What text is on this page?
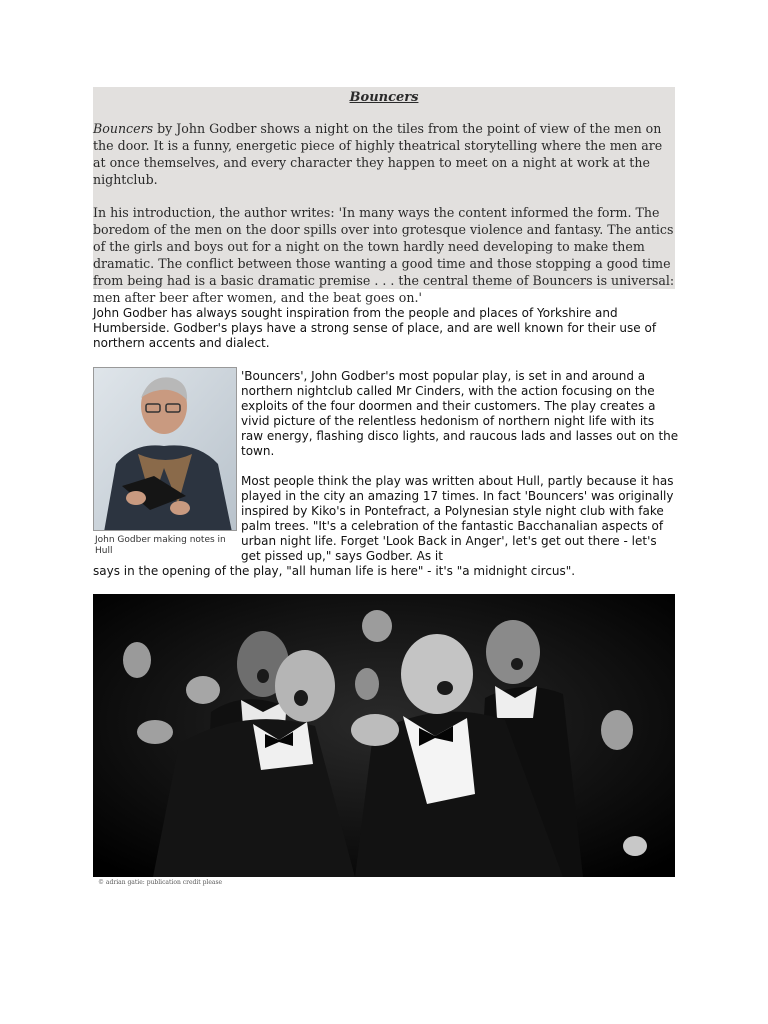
Bouncers

Bouncers by John Godber shows a night on the tiles from the point of view of the men on the door. It is a funny, energetic piece of highly theatrical storytelling where the men are at once themselves, and every character they happen to meet on a night at work at the nightclub.

In his introduction, the author writes: 'In many ways the content informed the form. The boredom of the men on the door spills over into grotesque violence and fantasy. The antics of the girls and boys out for a night on the town hardly need developing to make them dramatic. The conflict between those wanting a good time and those stopping a good time from being had is a basic dramatic premise . . . the central theme of Bouncers is universal: men after beer after women, and the beat goes on.'

John Godber has always sought inspiration from the people and places of Yorkshire and Humberside. Godber's plays have a strong sense of place, and are well known for their use of northern accents and dialect.

John Godber making notes in Hull

'Bouncers', John Godber's most popular play, is set in and around a northern nightclub called Mr Cinders, with the action focusing on the exploits of the four doormen and their customers. The play creates a vivid picture of the relentless hedonism of northern night life with its raw energy, flashing disco lights, and raucous lads and lasses out on the town.

Most people think the play was written about Hull, partly because it has played in the city an amazing 17 times. In fact 'Bouncers' was originally inspired by Kiko's in Pontefract, a Polynesian style night club with fake palm trees. "It's a celebration of the fantastic Bacchanalian aspects of urban night life. Forget 'Look Back in Anger', let's get out there - let's get pissed up," says Godber. As it

says in the opening of the play, "all human life is here" - it's "a midnight circus".

© adrian gatie: publication credit please
